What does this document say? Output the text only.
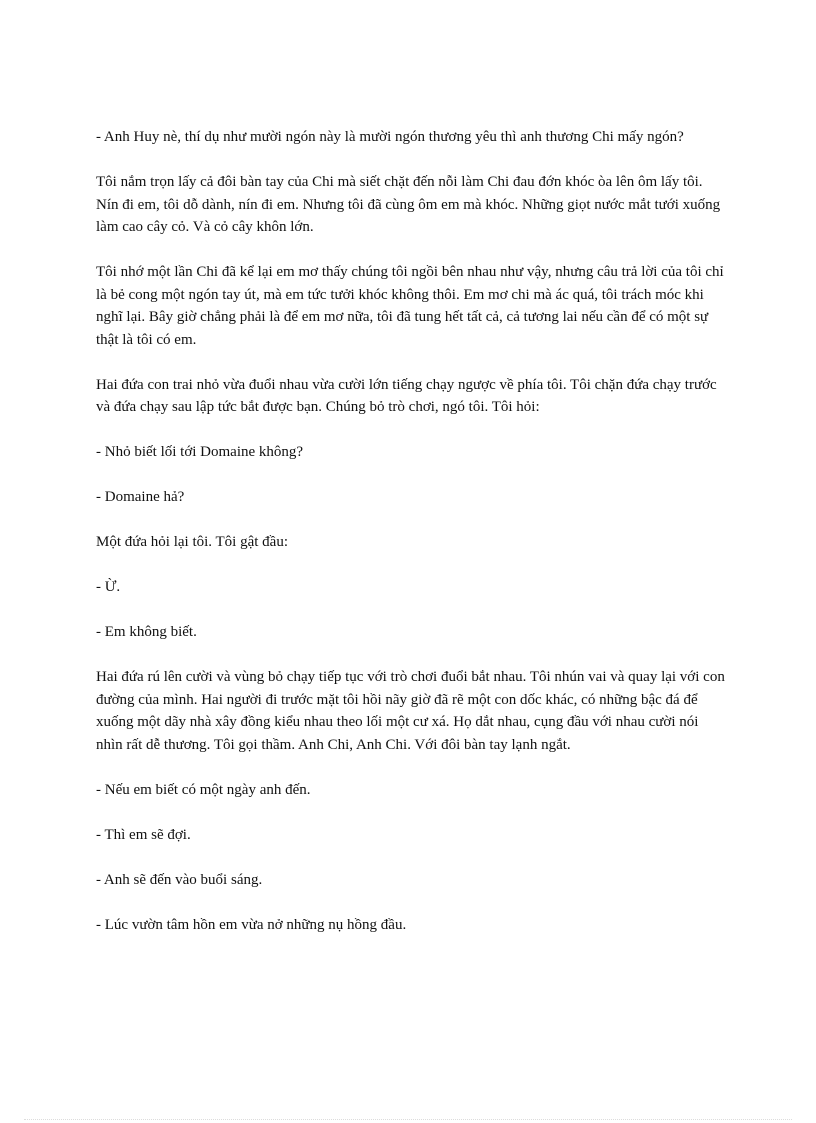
- Anh Huy nè, thí dụ như mười ngón này là mười ngón thương yêu thì anh thương Chi mấy ngón?

Tôi nắm trọn lấy cả đôi bàn tay của Chi mà siết chặt đến nỗi làm Chi đau đớn khóc òa lên ôm lấy tôi. Nín đi em, tôi dỗ dành, nín đi em. Nhưng tôi đã cùng ôm em mà khóc. Những giọt nước mắt tưới xuống làm cao cây cỏ. Và cỏ cây khôn lớn.

Tôi nhớ một lần Chi đã kể lại em mơ thấy chúng tôi ngồi bên nhau như vậy, nhưng câu trả lời của tôi chỉ là bẻ cong một ngón tay út, mà em tức tưởi khóc không thôi. Em mơ chi mà ác quá, tôi trách móc khi nghĩ lại. Bây giờ chẳng phải là để em mơ nữa, tôi đã tung hết tất cả, cả tương lai nếu cần để có một sự thật là tôi có em.

Hai đứa con trai nhỏ vừa đuổi nhau vừa cười lớn tiếng chạy ngược về phía tôi. Tôi chặn đứa chạy trước và đứa chạy sau lập tức bắt được bạn. Chúng bỏ trò chơi, ngó tôi. Tôi hỏi:

- Nhỏ biết lối tới Domaine không?

- Domaine hả?

Một đứa hỏi lại tôi. Tôi gật đầu:

- Ừ.

- Em không biết.

Hai đứa rú lên cười và vùng bỏ chạy tiếp tục với trò chơi đuổi bắt nhau. Tôi nhún vai và quay lại với con đường của mình. Hai người đi trước mặt tôi hồi nãy giờ đã rẽ một con dốc khác, có những bậc đá để xuống một dãy nhà xây đồng kiểu nhau theo lối một cư xá. Họ dắt nhau, cụng đầu với nhau cười nói nhìn rất dễ thương. Tôi gọi thầm. Anh Chi, Anh Chi. Với đôi bàn tay lạnh ngắt.

- Nếu em biết có một ngày anh đến.

- Thì em sẽ đợi.

- Anh sẽ đến vào buổi sáng.

- Lúc vườn tâm hồn em vừa nở những nụ hồng đầu.
